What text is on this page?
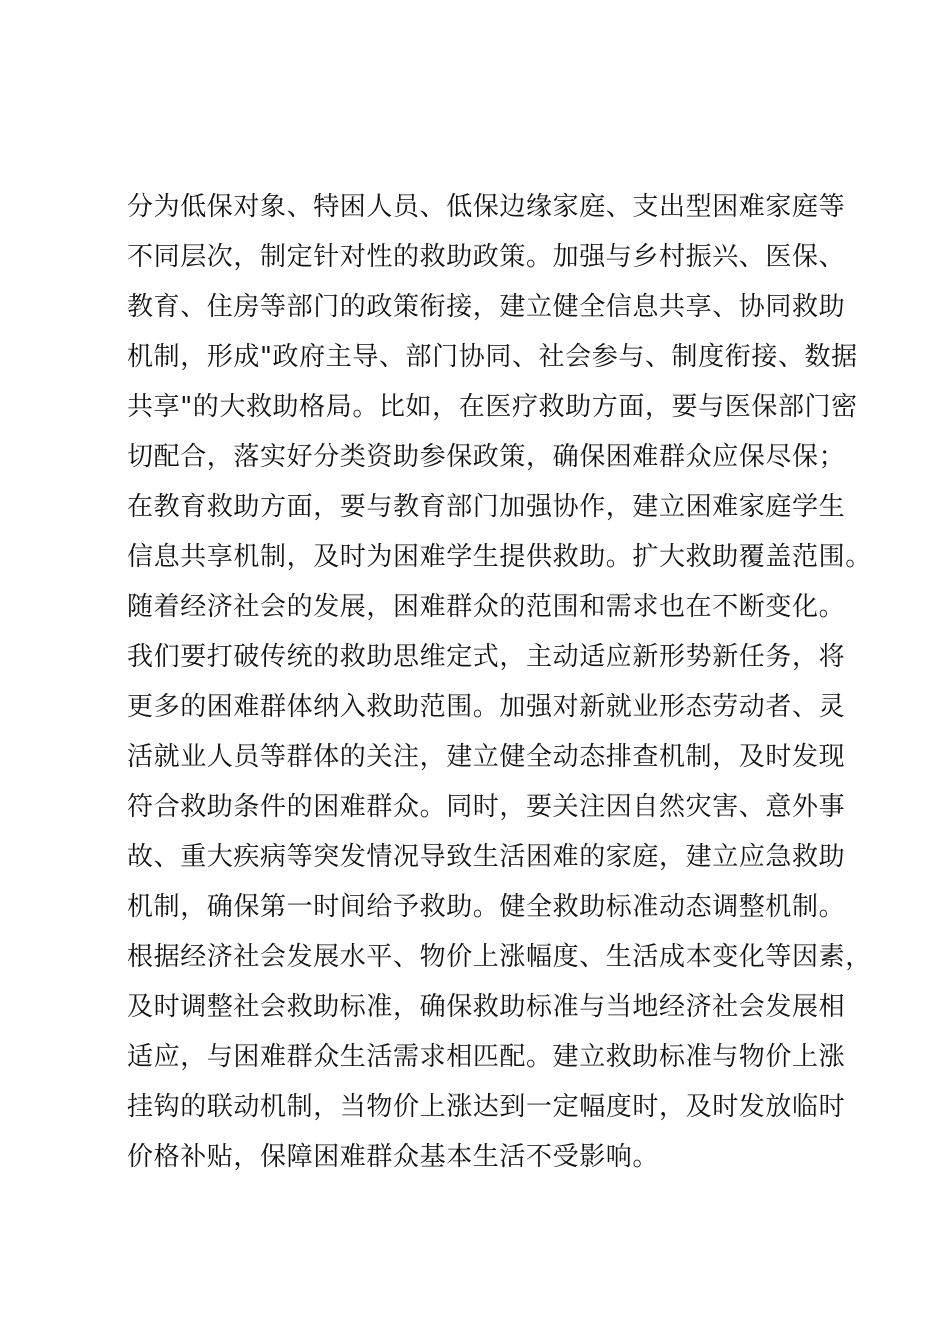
分为低保对象、特困人员、低保边缘家庭、支出型困难家庭等
不同层次，制定针对性的救助政策。加强与乡村振兴、医保、
教育、住房等部门的政策衔接，建立健全信息共享、协同救助
机制，形成"政府主导、部门协同、社会参与、制度衔接、数据
共享"的大救助格局。比如，在医疗救助方面，要与医保部门密
切配合，落实好分类资助参保政策，确保困难群众应保尽保；
在教育救助方面，要与教育部门加强协作，建立困难家庭学生
信息共享机制，及时为困难学生提供救助。扩大救助覆盖范围。
随着经济社会的发展，困难群众的范围和需求也在不断变化。
我们要打破传统的救助思维定式，主动适应新形势新任务，将
更多的困难群体纳入救助范围。加强对新就业形态劳动者、灵
活就业人员等群体的关注，建立健全动态排查机制，及时发现
符合救助条件的困难群众。同时，要关注因自然灾害、意外事
故、重大疾病等突发情况导致生活困难的家庭，建立应急救助
机制，确保第一时间给予救助。健全救助标准动态调整机制。
根据经济社会发展水平、物价上涨幅度、生活成本变化等因素，
及时调整社会救助标准，确保救助标准与当地经济社会发展相
适应，与困难群众生活需求相匹配。建立救助标准与物价上涨
挂钩的联动机制，当物价上涨达到一定幅度时，及时发放临时
价格补贴，保障困难群众基本生活不受影响。
